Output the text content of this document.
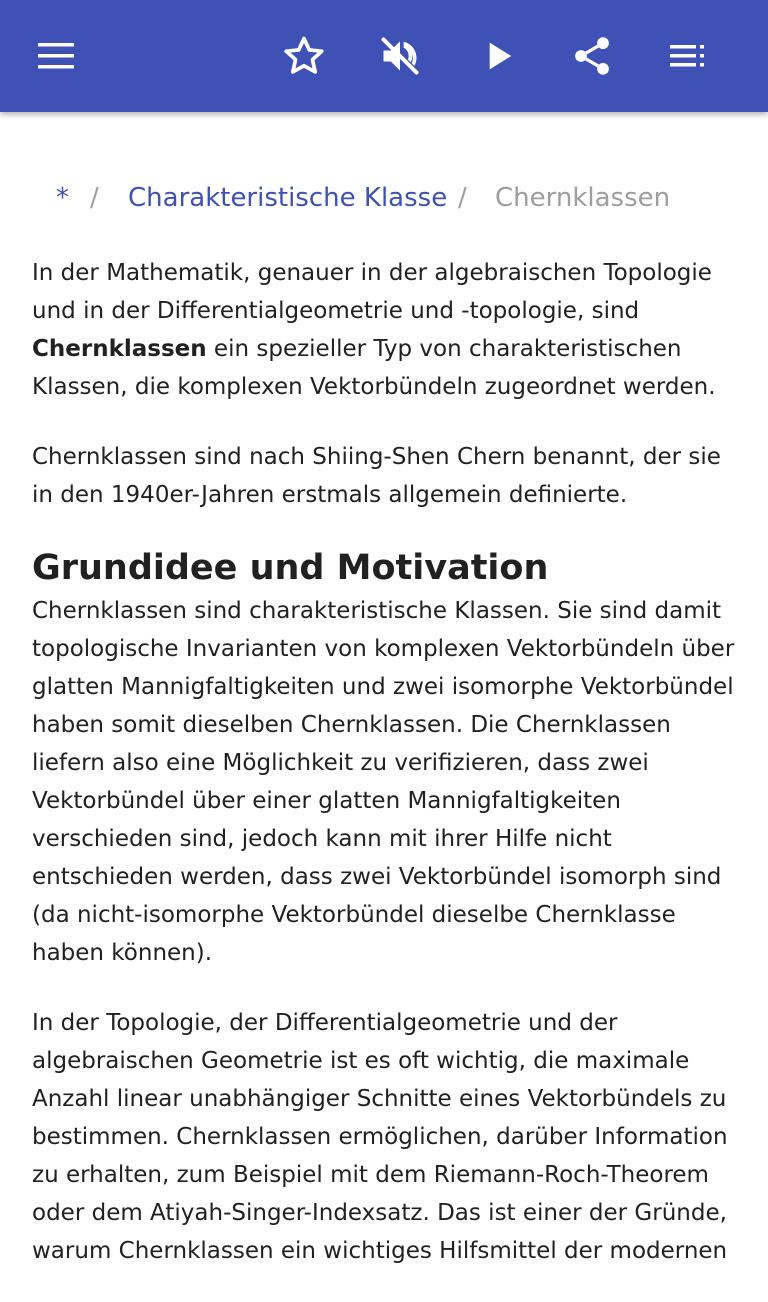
* / Charakteristische Klasse / Chernklassen

In der Mathematik, genauer in der algebraischen Topologie und in der Differentialgeometrie und -topologie, sind Chernklassen ein spezieller Typ von charakteristischen Klassen, die komplexen Vektorbündeln zugeordnet werden.

Chernklassen sind nach Shiing-Shen Chern benannt, der sie in den 1940er-Jahren erstmals allgemein definierte.

Grundidee und Motivation

Chernklassen sind charakteristische Klassen. Sie sind damit topologische Invarianten von komplexen Vektorbündeln über glatten Mannigfaltigkeiten und zwei isomorphe Vektorbündel haben somit dieselben Chernklassen. Die Chernklassen liefern also eine Möglichkeit zu verifizieren, dass zwei Vektorbündel über einer glatten Mannigfaltigkeiten verschieden sind, jedoch kann mit ihrer Hilfe nicht entschieden werden, dass zwei Vektorbündel isomorph sind (da nicht-isomorphe Vektorbündel dieselbe Chernklasse haben können).

In der Topologie, der Differentialgeometrie und der algebraischen Geometrie ist es oft wichtig, die maximale Anzahl linear unabhängiger Schnitte eines Vektorbündels zu bestimmen. Chernklassen ermöglichen, darüber Information zu erhalten, zum Beispiel mit dem Riemann-Roch-Theorem oder dem Atiyah-Singer-Indexsatz. Das ist einer der Gründe, warum Chernklassen ein wichtiges Hilfsmittel der modernen
